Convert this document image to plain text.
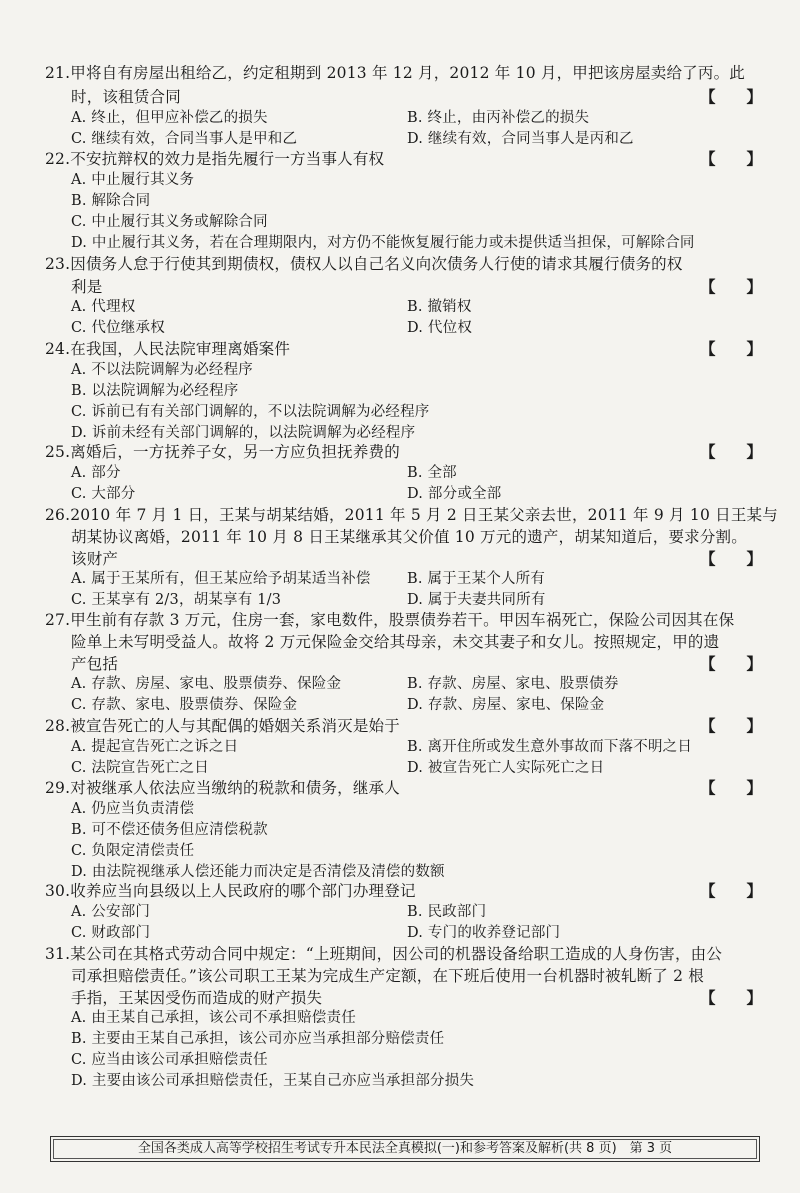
21.甲将自有房屋出租给乙，约定租期到 2013 年 12 月，2012 年 10 月，甲把该房屋卖给了丙。此
时，该租赁合同	【　　】
A. 终止，但甲应补偿乙的损失	B. 终止，由丙补偿乙的损失
C. 继续有效，合同当事人是甲和乙	D. 继续有效，合同当事人是丙和乙
22.不安抗辩权的效力是指先履行一方当事人有权	【　　】
A. 中止履行其义务
B. 解除合同
C. 中止履行其义务或解除合同
D. 中止履行其义务，若在合理期限内，对方仍不能恢复履行能力或未提供适当担保，可解除合同
23.因债务人怠于行使其到期债权，债权人以自己名义向次债务人行使的请求其履行债务的权
利是	【　　】
A. 代理权	B. 撤销权
C. 代位继承权	D. 代位权
24.在我国，人民法院审理离婚案件	【　　】
A. 不以法院调解为必经程序
B. 以法院调解为必经程序
C. 诉前已有有关部门调解的，不以法院调解为必经程序
D. 诉前未经有关部门调解的，以法院调解为必经程序
25.离婚后，一方抚养子女，另一方应负担抚养费的	【　　】
A. 部分	B. 全部
C. 大部分	D. 部分或全部
26.2010 年 7 月 1 日，王某与胡某结婚，2011 年 5 月 2 日王某父亲去世，2011 年 9 月 10 日王某与
胡某协议离婚，2011 年 10 月 8 日王某继承其父价值 10 万元的遗产，胡某知道后，要求分割。
该财产	【　　】
A. 属于王某所有，但王某应给予胡某适当补偿	B. 属于王某个人所有
C. 王某享有 2/3，胡某享有 1/3	D. 属于夫妻共同所有
27.甲生前有存款 3 万元，住房一套，家电数件，股票债券若干。甲因车祸死亡，保险公司因其在保
险单上未写明受益人。故将 2 万元保险金交给其母亲，未交其妻子和女儿。按照规定，甲的遗
产包括	【　　】
A. 存款、房屋、家电、股票债券、保险金	B. 存款、房屋、家电、股票债券
C. 存款、家电、股票债券、保险金	D. 存款、房屋、家电、保险金
28.被宣告死亡的人与其配偶的婚姻关系消灭是始于	【　　】
A. 提起宣告死亡之诉之日	B. 离开住所或发生意外事故而下落不明之日
C. 法院宣告死亡之日	D. 被宣告死亡人实际死亡之日
29.对被继承人依法应当缴纳的税款和债务，继承人	【　　】
A. 仍应当负责清偿
B. 可不偿还债务但应清偿税款
C. 负限定清偿责任
D. 由法院视继承人偿还能力而决定是否清偿及清偿的数额
30.收养应当向县级以上人民政府的哪个部门办理登记	【　　】
A. 公安部门	B. 民政部门
C. 财政部门	D. 专门的收养登记部门
31.某公司在其格式劳动合同中规定：“上班期间，因公司的机器设备给职工造成的人身伤害，由公
司承担赔偿责任。”该公司职工王某为完成生产定额，在下班后使用一台机器时被轧断了 2 根
手指，王某因受伤而造成的财产损失	【　　】
A. 由王某自己承担，该公司不承担赔偿责任
B. 主要由王某自己承担，该公司亦应当承担部分赔偿责任
C. 应当由该公司承担赔偿责任
D. 主要由该公司承担赔偿责任，王某自己亦应当承担部分损失
全国各类成人高等学校招生考试专升本民法全真模拟(一)和参考答案及解析(共 8 页)　第 3 页
